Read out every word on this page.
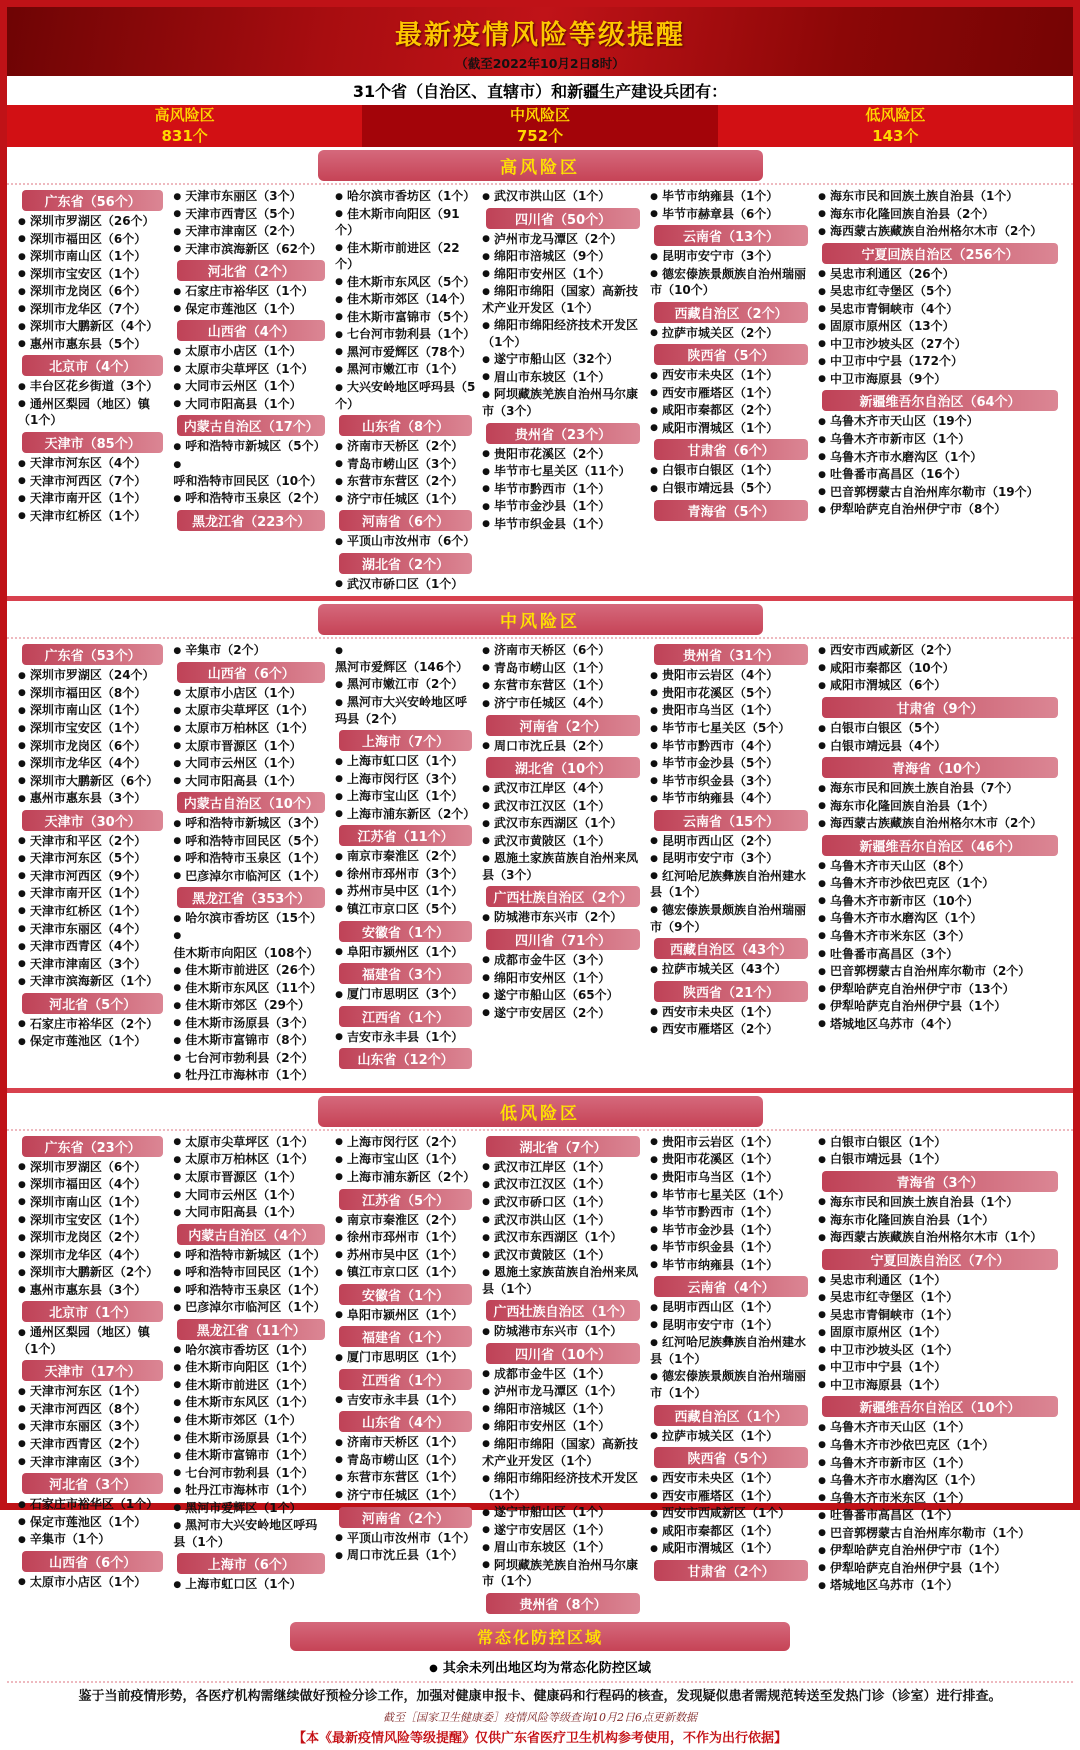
最新疫情风险等级提醒
（截至2022年10月2日8时）
31个省（自治区、直辖市）和新疆生产建设兵团有：
高风险区
831个
中风险区
752个
低风险区
143个
高风险区
广东省（56个）
● 深圳市罗湖区（26个）
● 深圳市福田区（6个）
● 深圳市南山区（1个）
● 深圳市宝安区（1个）
● 深圳市龙岗区（6个）
● 深圳市龙华区（7个）
● 深圳市大鹏新区（4个）
● 惠州市惠东县（5个）
北京市（4个）
● 丰台区花乡街道（3个）
● 通州区梨园（地区）镇（1个）
天津市（85个）
● 天津市河东区（4个）
● 天津市河西区（7个）
● 天津市南开区（1个）
● 天津市红桥区（1个）
● 天津市东丽区（3个）
● 天津市西青区（5个）
● 天津市津南区（2个）
● 天津市滨海新区（62个）
河北省（2个）
● 石家庄市裕华区（1个）
● 保定市莲池区（1个）
山西省（4个）
● 太原市小店区（1个）
● 太原市尖草坪区（1个）
● 大同市云州区（1个）
● 大同市阳高县（1个）
内蒙古自治区（17个）
● 呼和浩特市新城区（5个）
● 呼和浩特市回民区（10个）
● 呼和浩特市玉泉区（2个）
黑龙江省（223个）
● 哈尔滨市香坊区（1个）
● 佳木斯市向阳区（91个）
● 佳木斯市前进区（22个）
● 佳木斯市东风区（5个）
● 佳木斯市郊区（14个）
● 佳木斯市富锦市（5个）
● 七台河市勃利县（1个）
● 黑河市爱辉区（78个）
● 黑河市嫩江市（1个）
● 大兴安岭地区呼玛县（5个）
山东省（8个）
● 济南市天桥区（2个）
● 青岛市崂山区（3个）
● 东营市东营区（2个）
● 济宁市任城区（1个）
河南省（6个）
● 平顶山市汝州市（6个）
湖北省（2个）
● 武汉市硚口区（1个）
● 武汉市洪山区（1个）
四川省（50个）
● 泸州市龙马潭区（2个）
● 绵阳市涪城区（9个）
● 绵阳市安州区（1个）
● 绵阳市绵阳（国家）高新技术产业开发区（1个）
● 绵阳市绵阳经济技术开发区（1个）
● 遂宁市船山区（32个）
● 眉山市东坡区（1个）
● 阿坝藏族羌族自治州马尔康市（3个）
贵州省（23个）
● 贵阳市花溪区（2个）
● 毕节市七星关区（11个）
● 毕节市黔西市（1个）
● 毕节市金沙县（1个）
● 毕节市织金县（1个）
● 毕节市纳雍县（1个）
● 毕节市赫章县（6个）
云南省（13个）
● 昆明市安宁市（3个）
● 德宏傣族景颇族自治州瑞丽市（10个）
西藏自治区（2个）
● 拉萨市城关区（2个）
陕西省（5个）
● 西安市未央区（1个）
● 西安市雁塔区（1个）
● 咸阳市秦都区（2个）
● 咸阳市渭城区（1个）
甘肃省（6个）
● 白银市白银区（1个）
● 白银市靖远县（5个）
青海省（5个）
● 海东市民和回族土族自治县（1个）
● 海东市化隆回族自治县（2个）
● 海西蒙古族藏族自治州格尔木市（2个）
宁夏回族自治区（256个）
● 吴忠市利通区（26个）
● 吴忠市红寺堡区（5个）
● 吴忠市青铜峡市（4个）
● 固原市原州区（13个）
● 中卫市沙坡头区（27个）
● 中卫市中宁县（172个）
● 中卫市海原县（9个）
新疆维吾尔自治区（64个）
● 乌鲁木齐市天山区（19个）
● 乌鲁木齐市新市区（1个）
● 乌鲁木齐市水磨沟区（1个）
● 吐鲁番市高昌区（16个）
● 巴音郭楞蒙古自治州库尔勒市（19个）
● 伊犁哈萨克自治州伊宁市（8个）
中风险区
广东省（53个）
● 深圳市罗湖区（24个）
● 深圳市福田区（8个）
● 深圳市南山区（1个）
● 深圳市宝安区（1个）
● 深圳市龙岗区（6个）
● 深圳市龙华区（4个）
● 深圳市大鹏新区（6个）
● 惠州市惠东县（3个）
天津市（30个）
● 天津市和平区（2个）
● 天津市河东区（5个）
● 天津市河西区（9个）
● 天津市南开区（1个）
● 天津市红桥区（1个）
● 天津市东丽区（4个）
● 天津市西青区（4个）
● 天津市津南区（3个）
● 天津市滨海新区（1个）
河北省（5个）
● 石家庄市裕华区（2个）
● 保定市莲池区（1个）
● 辛集市（2个）
山西省（6个）
● 太原市小店区（1个）
● 太原市尖草坪区（1个）
● 太原市万柏林区（1个）
● 太原市晋源区（1个）
● 大同市云州区（1个）
● 大同市阳高县（1个）
内蒙古自治区（10个）
● 呼和浩特市新城区（3个）
● 呼和浩特市回民区（5个）
● 呼和浩特市玉泉区（1个）
● 巴彦淖尔市临河区（1个）
黑龙江省（353个）
● 哈尔滨市香坊区（15个）
● 佳木斯市向阳区（108个）
● 佳木斯市前进区（26个）
● 佳木斯市东风区（11个）
● 佳木斯市郊区（29个）
● 佳木斯市汤原县（3个）
● 佳木斯市富锦市（8个）
● 七台河市勃利县（2个）
● 牡丹江市海林市（1个）
● 黑河市爱辉区（146个）
● 黑河市嫩江市（2个）
● 黑河市大兴安岭地区呼玛县（2个）
上海市（7个）
● 上海市虹口区（1个）
● 上海市闵行区（3个）
● 上海市宝山区（1个）
● 上海市浦东新区（2个）
江苏省（11个）
● 南京市秦淮区（2个）
● 徐州市邳州市（3个）
● 苏州市吴中区（1个）
● 镇江市京口区（5个）
安徽省（1个）
● 阜阳市颍州区（1个）
福建省（3个）
● 厦门市思明区（3个）
江西省（1个）
● 吉安市永丰县（1个）
山东省（12个）
● 济南市天桥区（6个）
● 青岛市崂山区（1个）
● 东营市东营区（1个）
● 济宁市任城区（4个）
河南省（2个）
● 周口市沈丘县（2个）
湖北省（10个）
● 武汉市江岸区（4个）
● 武汉市江汉区（1个）
● 武汉市东西湖区（1个）
● 武汉市黄陂区（1个）
● 恩施土家族苗族自治州来凤县（3个）
广西壮族自治区（2个）
● 防城港市东兴市（2个）
四川省（71个）
● 成都市金牛区（3个）
● 绵阳市安州区（1个）
● 遂宁市船山区（65个）
● 遂宁市安居区（2个）
贵州省（31个）
● 贵阳市云岩区（4个）
● 贵阳市花溪区（5个）
● 贵阳市乌当区（1个）
● 毕节市七星关区（5个）
● 毕节市黔西市（4个）
● 毕节市金沙县（5个）
● 毕节市织金县（3个）
● 毕节市纳雍县（4个）
云南省（15个）
● 昆明市西山区（2个）
● 昆明市安宁市（3个）
● 红河哈尼族彝族自治州建水县（1个）
● 德宏傣族景颇族自治州瑞丽市（9个）
西藏自治区（43个）
● 拉萨市城关区（43个）
陕西省（21个）
● 西安市未央区（1个）
● 西安市雁塔区（2个）
● 西安市西咸新区（2个）
● 咸阳市秦都区（10个）
● 咸阳市渭城区（6个）
甘肃省（9个）
● 白银市白银区（5个）
● 白银市靖远县（4个）
青海省（10个）
● 海东市民和回族土族自治县（7个）
● 海东市化隆回族自治县（1个）
● 海西蒙古族藏族自治州格尔木市（2个）
新疆维吾尔自治区（46个）
● 乌鲁木齐市天山区（8个）
● 乌鲁木齐市沙依巴克区（1个）
● 乌鲁木齐市新市区（10个）
● 乌鲁木齐市水磨沟区（1个）
● 乌鲁木齐市米东区（3个）
● 吐鲁番市高昌区（3个）
● 巴音郭楞蒙古自治州库尔勒市（2个）
● 伊犁哈萨克自治州伊宁市（13个）
● 伊犁哈萨克自治州伊宁县（1个）
● 塔城地区乌苏市（4个）
低风险区
广东省（23个）
● 深圳市罗湖区（6个）
● 深圳市福田区（4个）
● 深圳市南山区（1个）
● 深圳市宝安区（1个）
● 深圳市龙岗区（2个）
● 深圳市龙华区（4个）
● 深圳市大鹏新区（2个）
● 惠州市惠东县（3个）
北京市（1个）
● 通州区梨园（地区）镇（1个）
天津市（17个）
● 天津市河东区（1个）
● 天津市河西区（8个）
● 天津市东丽区（3个）
● 天津市西青区（2个）
● 天津市津南区（3个）
河北省（3个）
● 石家庄市裕华区（1个）
● 保定市莲池区（1个）
● 辛集市（1个）
山西省（6个）
● 太原市小店区（1个）
● 太原市尖草坪区（1个）
● 太原市万柏林区（1个）
● 太原市晋源区（1个）
● 大同市云州区（1个）
● 大同市阳高县（1个）
内蒙古自治区（4个）
● 呼和浩特市新城区（1个）
● 呼和浩特市回民区（1个）
● 呼和浩特市玉泉区（1个）
● 巴彦淖尔市临河区（1个）
黑龙江省（11个）
● 哈尔滨市香坊区（1个）
● 佳木斯市向阳区（1个）
● 佳木斯市前进区（1个）
● 佳木斯市东风区（1个）
● 佳木斯市郊区（1个）
● 佳木斯市汤原县（1个）
● 佳木斯市富锦市（1个）
● 七台河市勃利县（1个）
● 牡丹江市海林市（1个）
● 黑河市爱辉区（1个）
● 黑河市大兴安岭地区呼玛县（1个）
上海市（6个）
● 上海市虹口区（1个）
● 上海市闵行区（2个）
● 上海市宝山区（1个）
● 上海市浦东新区（2个）
江苏省（5个）
● 南京市秦淮区（2个）
● 徐州市邳州市（1个）
● 苏州市吴中区（1个）
● 镇江市京口区（1个）
安徽省（1个）
● 阜阳市颍州区（1个）
福建省（1个）
● 厦门市思明区（1个）
江西省（1个）
● 吉安市永丰县（1个）
山东省（4个）
● 济南市天桥区（1个）
● 青岛市崂山区（1个）
● 东营市东营区（1个）
● 济宁市任城区（1个）
河南省（2个）
● 平顶山市汝州市（1个）
● 周口市沈丘县（1个）
湖北省（7个）
● 武汉市江岸区（1个）
● 武汉市江汉区（1个）
● 武汉市硚口区（1个）
● 武汉市洪山区（1个）
● 武汉市东西湖区（1个）
● 武汉市黄陂区（1个）
● 恩施土家族苗族自治州来凤县（1个）
广西壮族自治区（1个）
● 防城港市东兴市（1个）
四川省（10个）
● 成都市金牛区（1个）
● 泸州市龙马潭区（1个）
● 绵阳市涪城区（1个）
● 绵阳市安州区（1个）
● 绵阳市绵阳（国家）高新技术产业开发区（1个）
● 绵阳市绵阳经济技术开发区（1个）
● 遂宁市船山区（1个）
● 遂宁市安居区（1个）
● 眉山市东坡区（1个）
● 阿坝藏族羌族自治州马尔康市（1个）
贵州省（8个）
● 贵阳市云岩区（1个）
● 贵阳市花溪区（1个）
● 贵阳市乌当区（1个）
● 毕节市七星关区（1个）
● 毕节市黔西市（1个）
● 毕节市金沙县（1个）
● 毕节市织金县（1个）
● 毕节市纳雍县（1个）
云南省（4个）
● 昆明市西山区（1个）
● 昆明市安宁市（1个）
● 红河哈尼族彝族自治州建水县（1个）
● 德宏傣族景颇族自治州瑞丽市（1个）
西藏自治区（1个）
● 拉萨市城关区（1个）
陕西省（5个）
● 西安市未央区（1个）
● 西安市雁塔区（1个）
● 西安市西咸新区（1个）
● 咸阳市秦都区（1个）
● 咸阳市渭城区（1个）
甘肃省（2个）
● 白银市白银区（1个）
● 白银市靖远县（1个）
青海省（3个）
● 海东市民和回族土族自治县（1个）
● 海东市化隆回族自治县（1个）
● 海西蒙古族藏族自治州格尔木市（1个）
宁夏回族自治区（7个）
● 吴忠市利通区（1个）
● 吴忠市红寺堡区（1个）
● 吴忠市青铜峡市（1个）
● 固原市原州区（1个）
● 中卫市沙坡头区（1个）
● 中卫市中宁县（1个）
● 中卫市海原县（1个）
新疆维吾尔自治区（10个）
● 乌鲁木齐市天山区（1个）
● 乌鲁木齐市沙依巴克区（1个）
● 乌鲁木齐市新市区（1个）
● 乌鲁木齐市水磨沟区（1个）
● 乌鲁木齐市米东区（1个）
● 吐鲁番市高昌区（1个）
● 巴音郭楞蒙古自治州库尔勒市（1个）
● 伊犁哈萨克自治州伊宁市（1个）
● 伊犁哈萨克自治州伊宁县（1个）
● 塔城地区乌苏市（1个）
常态化防控区域
● 其余未列出地区均为常态化防控区域
鉴于当前疫情形势，各医疗机构需继续做好预检分诊工作，加强对健康申报卡、健康码和行程码的核查，发现疑似患者需规范转送至发热门诊（诊室）进行排查。
截至［国家卫生健康委］疫情风险等级查询10月2日6点更新数据
【本《最新疫情风险等级提醒》仅供广东省医疗卫生机构参考使用，不作为出行依据】
